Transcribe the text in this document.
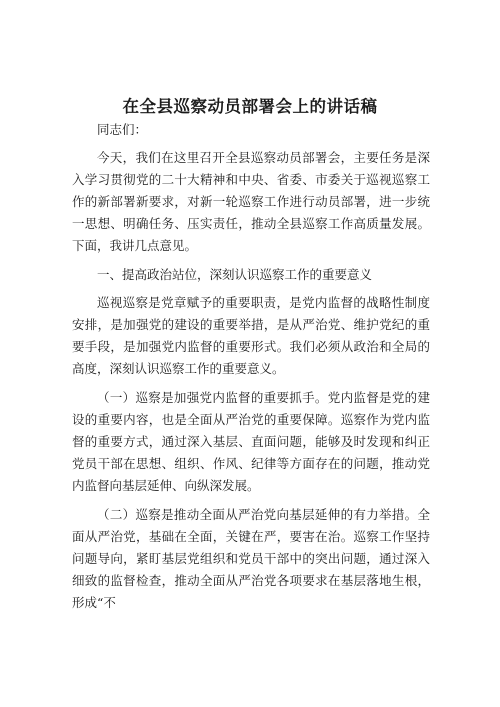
在全县巡察动员部署会上的讲话稿

同志们：

今天，我们在这里召开全县巡察动员部署会，主要任务是深入学习贯彻党的二十大精神和中央、省委、市委关于巡视巡察工作的新部署新要求，对新一轮巡察工作进行动员部署，进一步统一思想、明确任务、压实责任，推动全县巡察工作高质量发展。下面，我讲几点意见。

一、提高政治站位，深刻认识巡察工作的重要意义

巡视巡察是党章赋予的重要职责，是党内监督的战略性制度安排，是加强党的建设的重要举措，是从严治党、维护党纪的重要手段，是加强党内监督的重要形式。我们必须从政治和全局的高度，深刻认识巡察工作的重要意义。

（一）巡察是加强党内监督的重要抓手。党内监督是党的建设的重要内容，也是全面从严治党的重要保障。巡察作为党内监督的重要方式，通过深入基层、直面问题，能够及时发现和纠正党员干部在思想、组织、作风、纪律等方面存在的问题，推动党内监督向基层延伸、向纵深发展。

（二）巡察是推动全面从严治党向基层延伸的有力举措。全面从严治党，基础在全面，关键在严，要害在治。巡察工作坚持问题导向，紧盯基层党组织和党员干部中的突出问题，通过深入细致的监督检查，推动全面从严治党各项要求在基层落地生根，形成“不
